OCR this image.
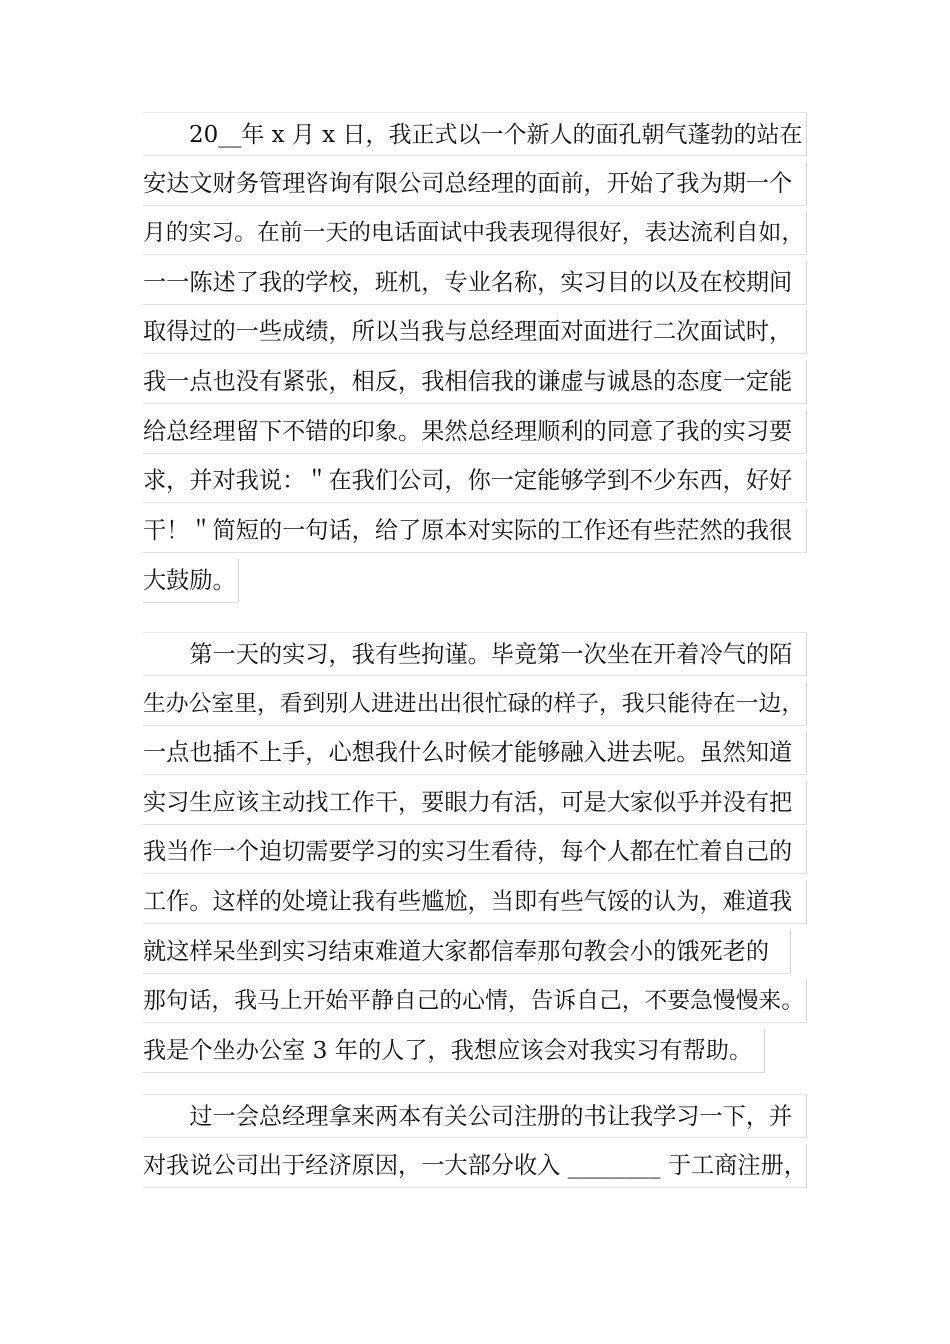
　　20__年 x 月 x 日，我正式以一个新人的面孔朝气蓬勃的站在
安达文财务管理咨询有限公司总经理的面前，开始了我为期一个
月的实习。在前一天的电话面试中我表现得很好，表达流利自如，
一一陈述了我的学校，班机，专业名称，实习目的以及在校期间
取得过的一些成绩，所以当我与总经理面对面进行二次面试时，
我一点也没有紧张，相反，我相信我的谦虚与诚恳的态度一定能
给总经理留下不错的印象。果然总经理顺利的同意了我的实习要
求，并对我说：＂在我们公司，你一定能够学到不少东西，好好
干！＂简短的一句话，给了原本对实际的工作还有些茫然的我很
大鼓励。
　　第一天的实习，我有些拘谨。毕竟第一次坐在开着冷气的陌
生办公室里，看到别人进进出出很忙碌的样子，我只能待在一边，
一点也插不上手，心想我什么时候才能够融入进去呢。虽然知道
实习生应该主动找工作干，要眼力有活，可是大家似乎并没有把
我当作一个迫切需要学习的实习生看待，每个人都在忙着自己的
工作。这样的处境让我有些尴尬，当即有些气馁的认为，难道我
就这样呆坐到实习结束难道大家都信奉那句教会小的饿死老的
那句话，我马上开始平静自己的心情，告诉自己，不要急慢慢来。
我是个坐办公室 3 年的人了，我想应该会对我实习有帮助。
　　过一会总经理拿来两本有关公司注册的书让我学习一下，并
对我说公司出于经济原因，一大部分收入 ________ 于工商注册，
